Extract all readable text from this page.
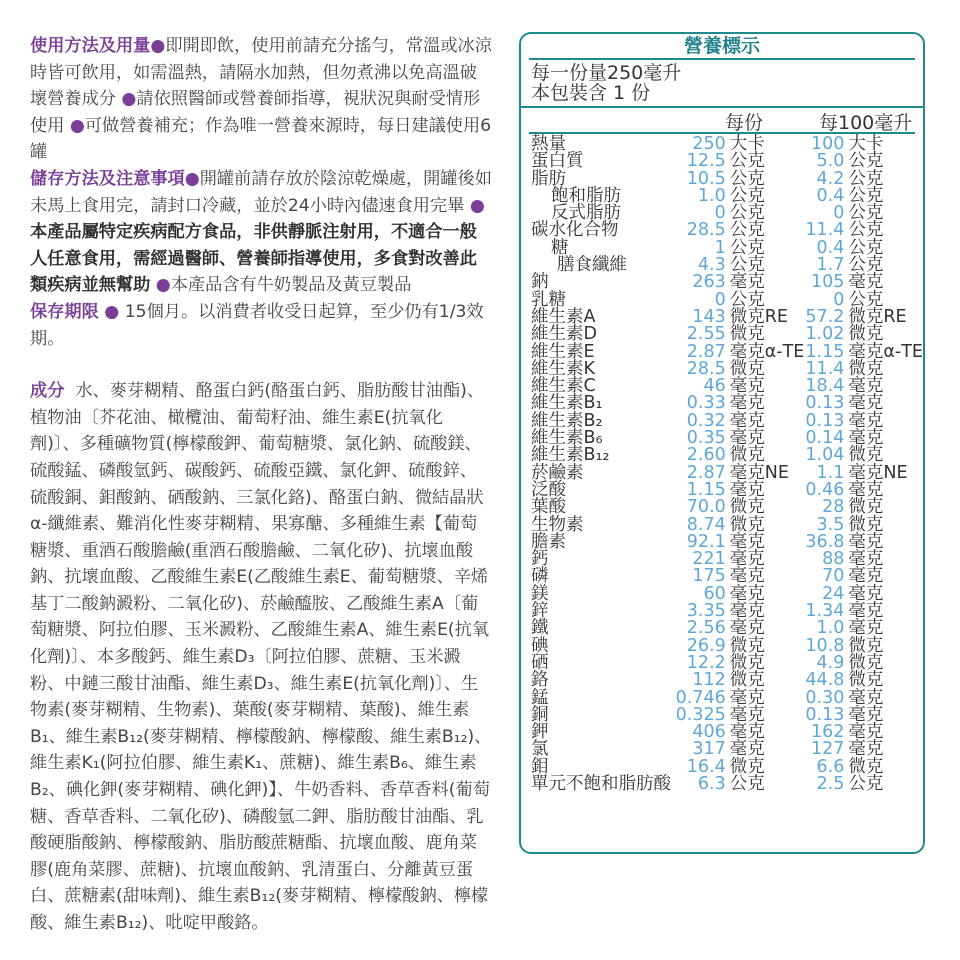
使用方法及用量●即開即飲，使用前請充分搖勻，常溫或冰涼時皆可飲用，如需溫熱，請隔水加熱，但勿煮沸以免高溫破壞營養成分 ●請依照醫師或營養師指導，視狀況與耐受情形使用 ●可做營養補充；作為唯一營養來源時，每日建議使用6罐

儲存方法及注意事項●開罐前請存放於陰涼乾燥處，開罐後如未馬上食用完，請封口冷藏，並於24小時內儘速食用完畢 ●本產品屬特定疾病配方食品，非供靜脈注射用，不適合一般人任意食用，需經過醫師、營養師指導使用，多食對改善此類疾病並無幫助 ●本產品含有牛奶製品及黃豆製品

保存期限 ● 15個月。以消費者收受日起算，至少仍有1/3效期。

成分 水、麥芽糊精、酪蛋白鈣(酪蛋白鈣、脂肪酸甘油酯)、植物油〔芥花油、橄欖油、葡萄籽油、維生素E(抗氧化劑)〕、多種礦物質(檸檬酸鉀、葡萄糖漿、氯化鈉、硫酸鎂、硫酸錳、磷酸氫鈣、碳酸鈣、硫酸亞鐵、氯化鉀、硫酸鋅、硫酸銅、鉬酸鈉、硒酸鈉、三氯化鉻)、酪蛋白鈉、微結晶狀α-纖維素、難消化性麥芽糊精、果寡醣、多種維生素【葡萄糖漿、重酒石酸膽鹼(重酒石酸膽鹼、二氧化矽)、抗壞血酸鈉、抗壞血酸、乙酸維生素E(乙酸維生素E、葡萄糖漿、辛烯基丁二酸鈉澱粉、二氧化矽)、菸鹼醯胺、乙酸維生素A〔葡萄糖漿、阿拉伯膠、玉米澱粉、乙酸維生素A、維生素E(抗氧化劑)〕、本多酸鈣、維生素D₃〔阿拉伯膠、蔗糖、玉米澱粉、中鏈三酸甘油酯、維生素D₃、維生素E(抗氧化劑)〕、生物素(麥芽糊精、生物素)、葉酸(麥芽糊精、葉酸)、維生素B₁、維生素B₁₂(麥芽糊精、檸檬酸鈉、檸檬酸、維生素B₁₂)、維生素K₁(阿拉伯膠、維生素K₁、蔗糖)、維生素B₆、維生素B₂、碘化鉀(麥芽糊精、碘化鉀)】、牛奶香料、香草香料(葡萄糖、香草香料、二氧化矽)、磷酸氫二鉀、脂肪酸甘油酯、乳酸硬脂酸鈉、檸檬酸鈉、脂肪酸蔗糖酯、抗壞血酸、鹿角菜膠(鹿角菜膠、蔗糖)、抗壞血酸鈉、乳清蛋白、分離黃豆蛋白、蔗糖素(甜味劑)、維生素B₁₂(麥芽糊精、檸檬酸鈉、檸檬酸、維生素B₁₂)、吡啶甲酸鉻。

營養標示
每一份量250毫升
本包裝含 1 份
每份	每100毫升
熱量	250	大卡	100	大卡
蛋白質	12.5	公克	5.0	公克
脂肪	10.5	公克	4.2	公克
飽和脂肪	1.0	公克	0.4	公克
反式脂肪	0	公克	0	公克
碳水化合物	28.5	公克	11.4	公克
糖	1	公克	0.4	公克
膳食纖維	4.3	公克	1.7	公克
鈉	263	毫克	105	毫克
乳糖	0	公克	0	公克
維生素A	143	微克RE	57.2	微克RE
維生素D	2.55	微克	1.02	微克
維生素E	2.87	毫克α-TE	1.15	毫克α-TE
維生素K	28.5	微克	11.4	微克
維生素C	46	毫克	18.4	毫克
維生素B₁	0.33	毫克	0.13	毫克
維生素B₂	0.32	毫克	0.13	毫克
維生素B₆	0.35	毫克	0.14	毫克
維生素B₁₂	2.60	微克	1.04	微克
菸鹼素	2.87	毫克NE	1.1	毫克NE
泛酸	1.15	毫克	0.46	毫克
葉酸	70.0	微克	28	微克
生物素	8.74	微克	3.5	微克
膽素	92.1	毫克	36.8	毫克
鈣	221	毫克	88	毫克
磷	175	毫克	70	毫克
鎂	60	毫克	24	毫克
鋅	3.35	毫克	1.34	毫克
鐵	2.56	毫克	1.0	毫克
碘	26.9	微克	10.8	微克
硒	12.2	微克	4.9	微克
鉻	112	微克	44.8	微克
錳	0.746	毫克	0.30	毫克
銅	0.325	毫克	0.13	毫克
鉀	406	毫克	162	毫克
氯	317	毫克	127	毫克
鉬	16.4	微克	6.6	微克
單元不飽和脂肪酸	6.3	公克	2.5	公克
